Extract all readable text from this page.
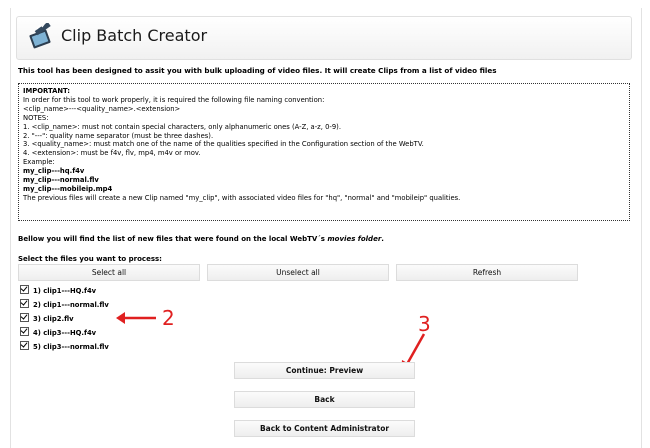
Clip Batch Creator
This tool has been designed to assit you with bulk uploading of video files. It will create Clips from a list of video files
IMPORTANT:
In order for this tool to work properly, it is required the following file naming convention:
<clip_name>---<quality_name>.<extension>
NOTES:
1. <clip_name>: must not contain special characters, only alphanumeric ones (A-Z, a-z, 0-9).
2. "---": quality name separator (must be three dashes).
3. <quality_name>: must match one of the name of the qualities specified in the Configuration section of the WebTV.
4. <extension>: must be f4v, flv, mp4, m4v or mov.
Example:
my_clip---hq.f4v
my_clip---normal.flv
my_clip---mobileip.mp4
The previous files will create a new Clip named "my_clip", with associated video files for "hq", "normal" and "mobileip" qualities.
Bellow you will find the list of new files that were found on the local WebTV´s movies folder.
Select the files you want to process:
Select all	Unselect all	Refresh
1) clip1---HQ.f4v
2) clip1---normal.flv
3) clip2.flv
4) clip3---HQ.f4v
5) clip3---normal.flv
2	3
Continue: Preview
Back
Back to Content Administrator
